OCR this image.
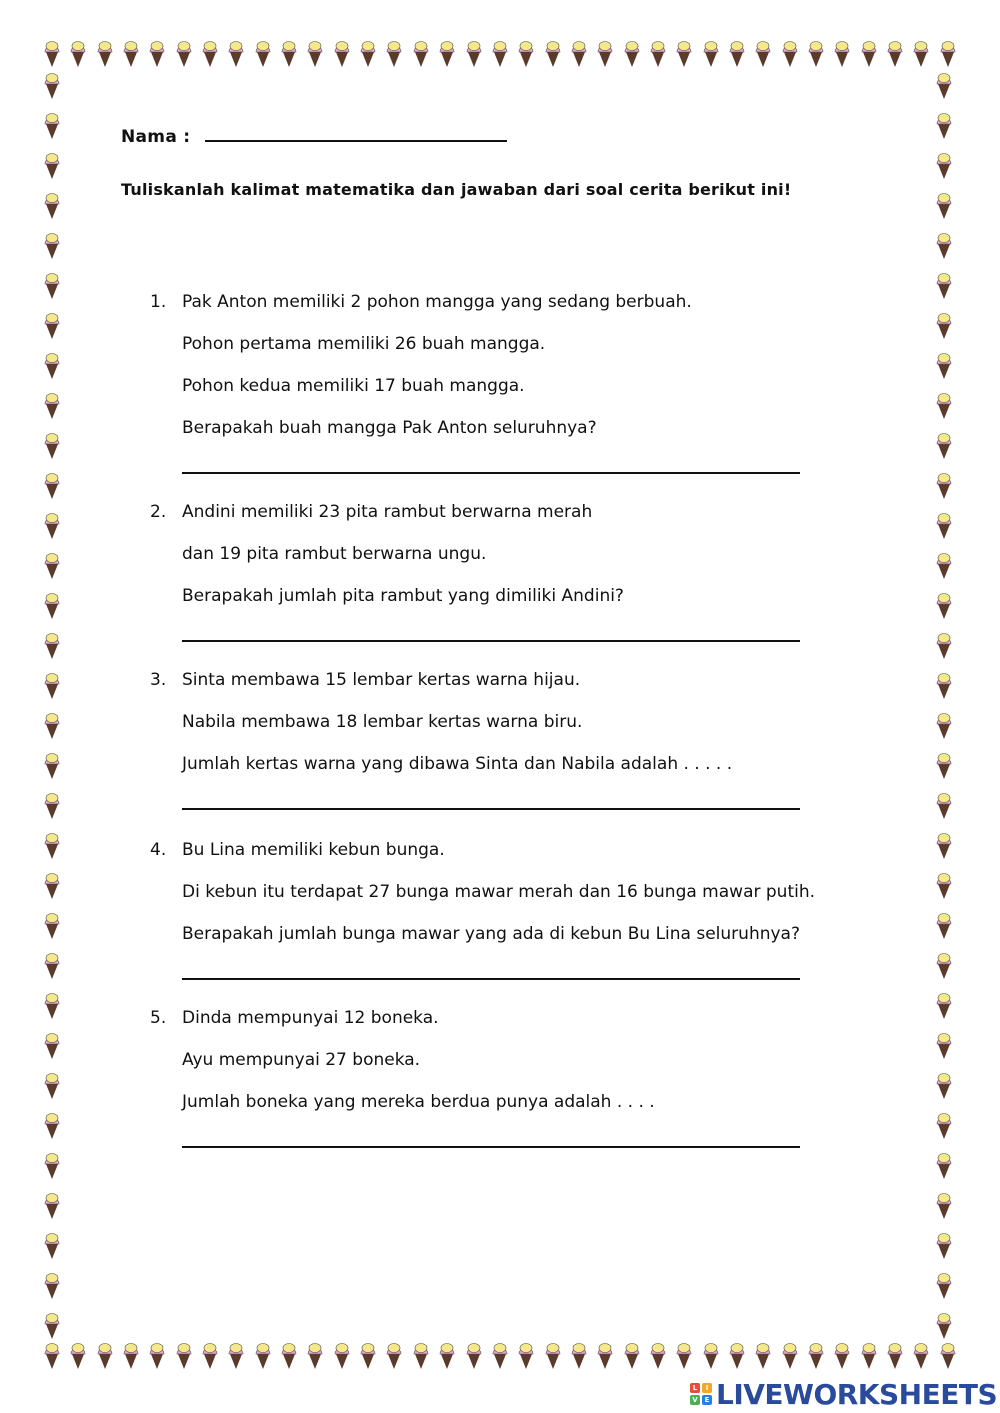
Nama :
Tuliskanlah kalimat matematika dan jawaban dari soal cerita berikut ini!
1. Pak Anton memiliki 2 pohon mangga yang sedang berbuah.
Pohon pertama memiliki 26 buah mangga.
Pohon kedua memiliki 17 buah mangga.
Berapakah buah mangga Pak Anton seluruhnya?
2. Andini memiliki 23 pita rambut berwarna merah
dan 19 pita rambut berwarna ungu.
Berapakah jumlah pita rambut yang dimiliki Andini?
3. Sinta membawa 15 lembar kertas warna hijau.
Nabila membawa 18 lembar kertas warna biru.
Jumlah kertas warna yang dibawa Sinta dan Nabila adalah . . . . .
4. Bu Lina memiliki kebun bunga.
Di kebun itu terdapat 27 bunga mawar merah dan 16 bunga mawar putih.
Berapakah jumlah bunga mawar yang ada di kebun Bu Lina seluruhnya?
5. Dinda mempunyai 12 boneka.
Ayu mempunyai 27 boneka.
Jumlah boneka yang mereka berdua punya adalah . . . .
L	I
V E LIVEWORKSHEETS
